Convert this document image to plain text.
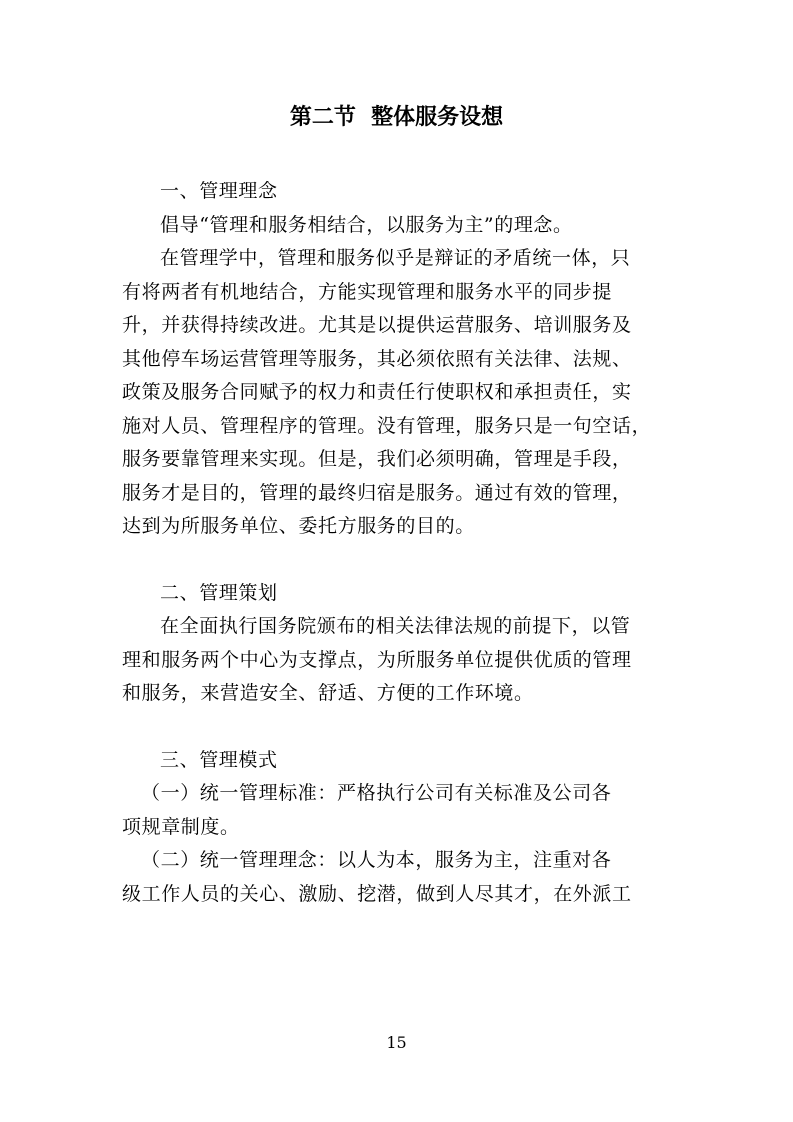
第二节  整体服务设想

一、管理理念

倡导“管理和服务相结合，以服务为主”的理念。

在管理学中，管理和服务似乎是辩证的矛盾统一体，只

有将两者有机地结合，方能实现管理和服务水平的同步提

升，并获得持续改进。尤其是以提供运营服务、培训服务及

其他停车场运营管理等服务，其必须依照有关法律、法规、

政策及服务合同赋予的权力和责任行使职权和承担责任，实

施对人员、管理程序的管理。没有管理，服务只是一句空话，

服务要靠管理来实现。但是，我们必须明确，管理是手段，

服务才是目的，管理的最终归宿是服务。通过有效的管理，

达到为所服务单位、委托方服务的目的。

二、管理策划

在全面执行国务院颁布的相关法律法规的前提下，以管

理和服务两个中心为支撑点，为所服务单位提供优质的管理

和服务，来营造安全、舒适、方便的工作环境。

三、管理模式

（一）统一管理标准：严格执行公司有关标准及公司各

项规章制度。

（二）统一管理理念：以人为本，服务为主，注重对各

级工作人员的关心、激励、挖潜，做到人尽其才，在外派工

15
